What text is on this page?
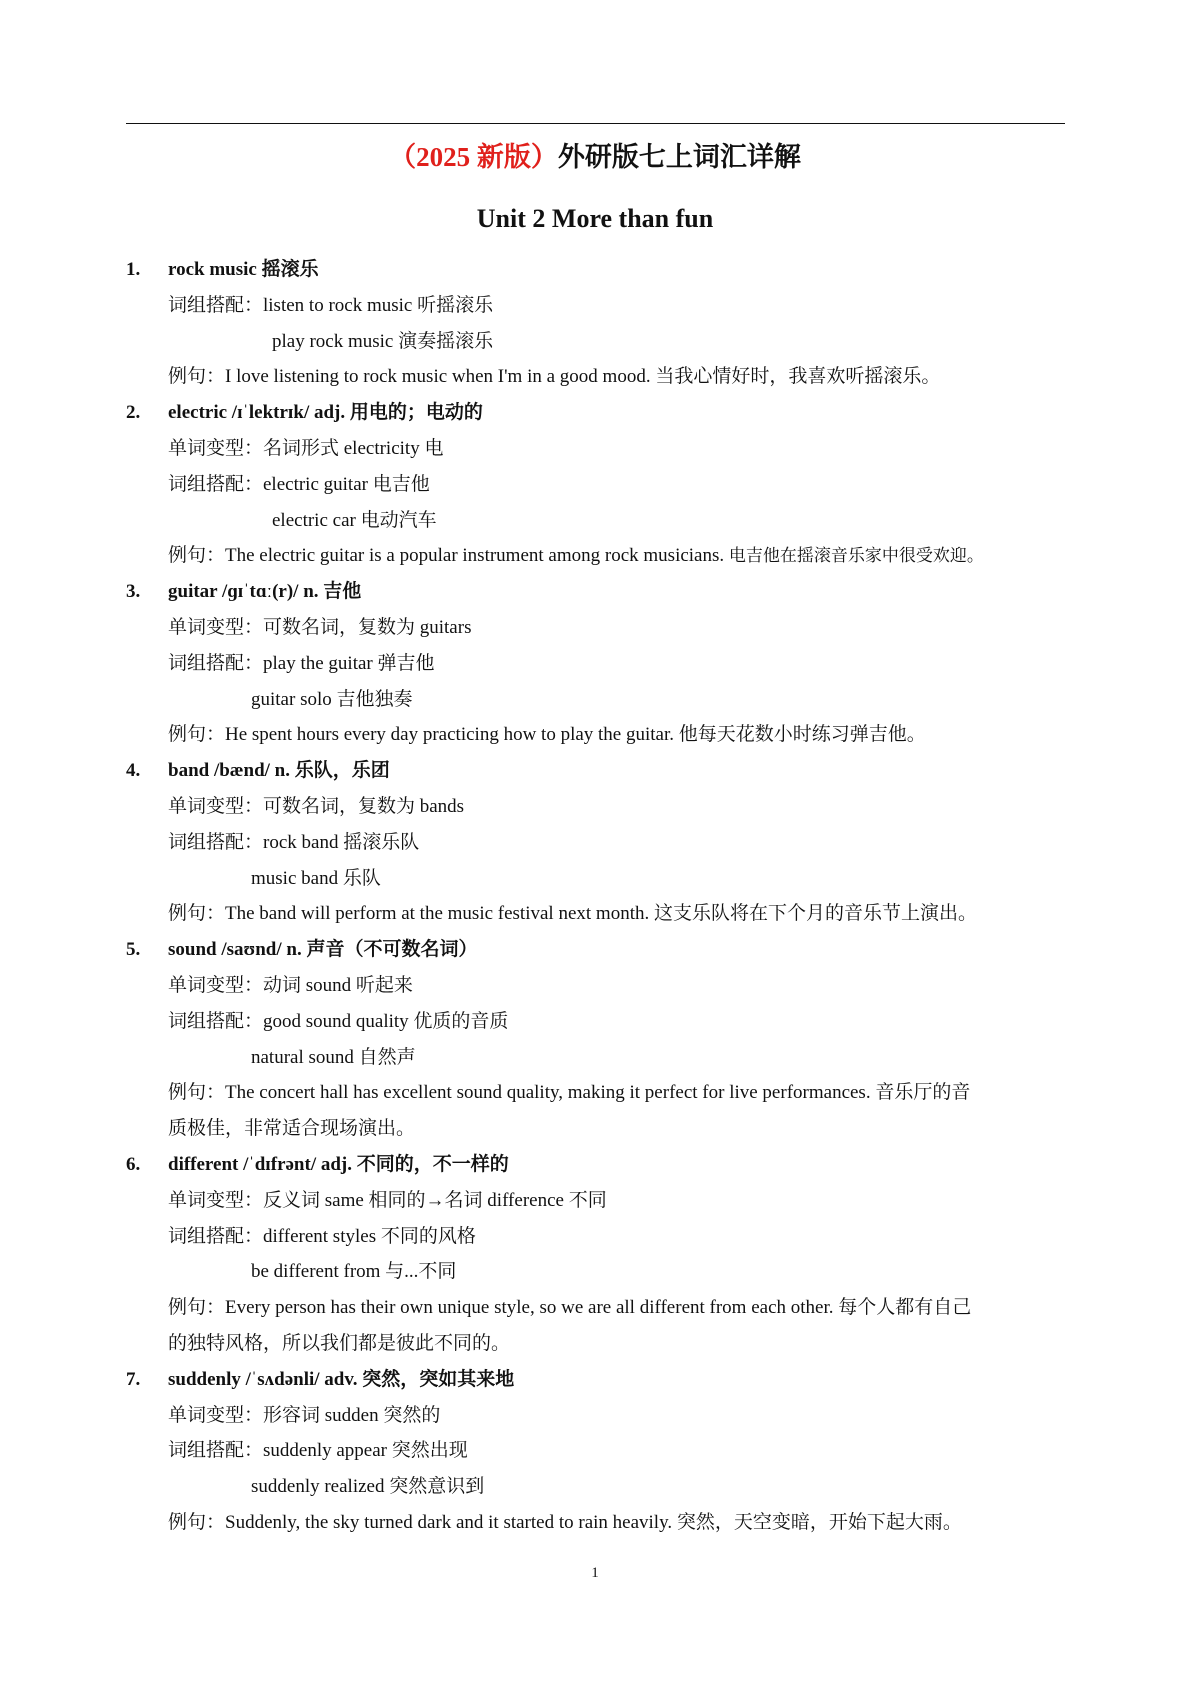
（2025 新版）外研版七上词汇详解
Unit 2 More than fun
1. rock music 摇滚乐
词组搭配：listen to rock music 听摇滚乐
play rock music 演奏摇滚乐
例句：I love listening to rock music when I'm in a good mood. 当我心情好时，我喜欢听摇滚乐。
2. electric /ɪˈlektrɪk/ adj. 用电的；电动的
单词变型：名词形式 electricity 电
词组搭配：electric guitar 电吉他
electric car 电动汽车
例句：The electric guitar is a popular instrument among rock musicians. 电吉他在摇滚音乐家中很受欢迎。
3. guitar /ɡɪˈtɑː(r)/ n. 吉他
单词变型：可数名词，复数为 guitars
词组搭配：play the guitar 弹吉他
guitar solo 吉他独奏
例句：He spent hours every day practicing how to play the guitar. 他每天花数小时练习弹吉他。
4. band /bænd/ n. 乐队，乐团
单词变型：可数名词，复数为 bands
词组搭配：rock band 摇滚乐队
music band 乐队
例句：The band will perform at the music festival next month. 这支乐队将在下个月的音乐节上演出。
5. sound /saʊnd/ n. 声音（不可数名词）
单词变型：动词 sound 听起来
词组搭配：good sound quality 优质的音质
natural sound 自然声
例句：The concert hall has excellent sound quality, making it perfect for live performances. 音乐厅的音
质极佳，非常适合现场演出。
6. different /ˈdɪfrənt/ adj. 不同的，不一样的
单词变型：反义词 same 相同的→名词 difference 不同
词组搭配：different styles 不同的风格
be different from 与...不同
例句：Every person has their own unique style, so we are all different from each other. 每个人都有自己
的独特风格，所以我们都是彼此不同的。
7. suddenly /ˈsʌdənli/ adv. 突然，突如其来地
单词变型：形容词 sudden 突然的
词组搭配：suddenly appear 突然出现
suddenly realized 突然意识到
例句：Suddenly, the sky turned dark and it started to rain heavily. 突然，天空变暗，开始下起大雨。
1
